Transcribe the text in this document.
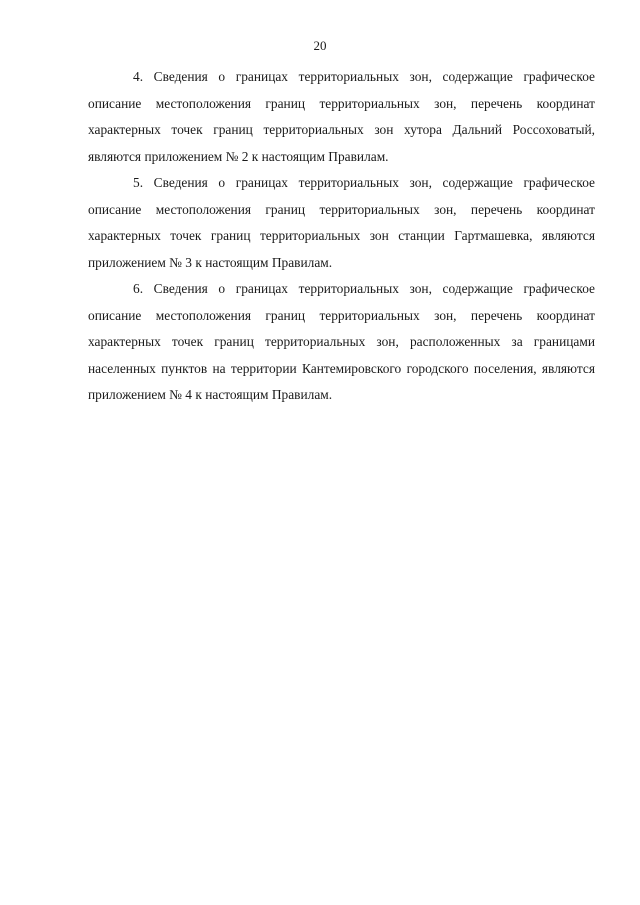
20

4. Сведения о границах территориальных зон, содержащие графическое описание местоположения границ территориальных зон, перечень координат характерных точек границ территориальных зон хутора Дальний Россоховатый, являются приложением № 2 к настоящим Правилам.

5. Сведения о границах территориальных зон, содержащие графическое описание местоположения границ территориальных зон, перечень координат характерных точек границ территориальных зон станции Гартмашевка, являются приложением № 3 к настоящим Правилам.

6. Сведения о границах территориальных зон, содержащие графическое описание местоположения границ территориальных зон, перечень координат характерных точек границ территориальных зон, расположенных за границами населенных пунктов на территории Кантемировского городского поселения, являются приложением № 4 к настоящим Правилам.
